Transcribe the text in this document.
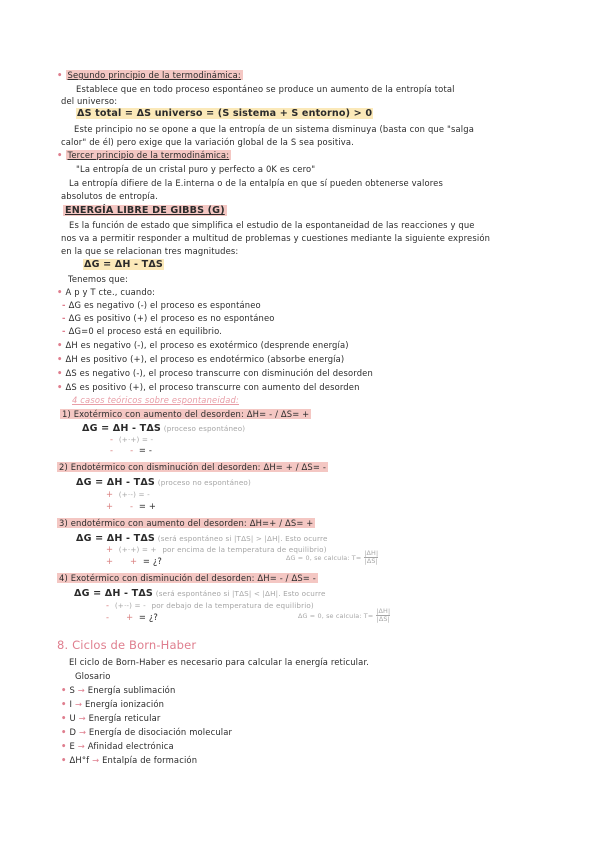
• Segundo principio de la termodinámica:
Establece que en todo proceso espontáneo se produce un aumento de la entropía total
del universo:
ΔS total = ΔS universo = (S sistema + S entorno) > 0
Este principio no se opone a que la entropía de un sistema disminuya (basta con que "salga
calor" de él) pero exige que la variación global de la S sea positiva.
• Tercer principio de la termodinámica:
"La entropía de un cristal puro y perfecto a 0K es cero"
La entropía difiere de la E.interna o de la entalpía en que sí pueden obtenerse valores
absolutos de entropía.
ENERGÍA LIBRE DE GIBBS (G)
Es la función de estado que simplifica el estudio de la espontaneidad de las reacciones y que
nos va a permitir responder a multitud de problemas y cuestiones mediante la siguiente expresión
en la que se relacionan tres magnitudes:
ΔG = ΔH - TΔS
Tenemos que:
• A p y T cte., cuando:
- ΔG es negativo (-) el proceso es espontáneo
- ΔG es positivo (+) el proceso es no espontáneo
- ΔG=0 el proceso está en equilibrio.
• ΔH es negativo (-), el proceso es exotérmico (desprende energía)
• ΔH es positivo (+), el proceso es endotérmico (absorbe energía)
• ΔS es negativo (-), el proceso transcurre con disminución del desorden
• ΔS es positivo (+), el proceso transcurre con aumento del desorden
4 casos teóricos sobre espontaneidad:
1) Exotérmico con aumento del desorden: ΔH= - / ΔS= +
ΔG = ΔH - TΔS (proceso espontáneo)
- (+·+) = -
- - = -
2) Endotérmico con disminución del desorden: ΔH= + / ΔS= -
ΔG = ΔH - TΔS (proceso no espontáneo)
+ (+·-) = -
+ - = +
3) endotérmico con aumento del desorden: ΔH=+ / ΔS= +
ΔG = ΔH - TΔS (será espontáneo si |TΔS| > |ΔH|. Esto ocurre
+ (+·+) = + por encima de la temperatura de equilibrio)
+ + = ¿?	ΔG = 0, se calcula: $T= \frac{|\Delta H|}{|\Delta S|}$
4) Exotérmico con disminución del desorden: ΔH= - / ΔS= -
ΔG = ΔH - TΔS (será espontáneo si |TΔS| < |ΔH|. Esto ocurre
- (+·-) = - por debajo de la temperatura de equilibrio)
- + = ¿?	ΔG = 0, se calcula: $T= \frac{|\Delta H|}{|\Delta S|}$
8. Ciclos de Born-Haber
El ciclo de Born-Haber es necesario para calcular la energía reticular.
Glosario
• S → Energía sublimación
• I → Energía ionización
• U → Energía reticular
• D → Energía de disociación molecular
• E → Afinidad electrónica
• ΔH°f → Entalpía de formación
